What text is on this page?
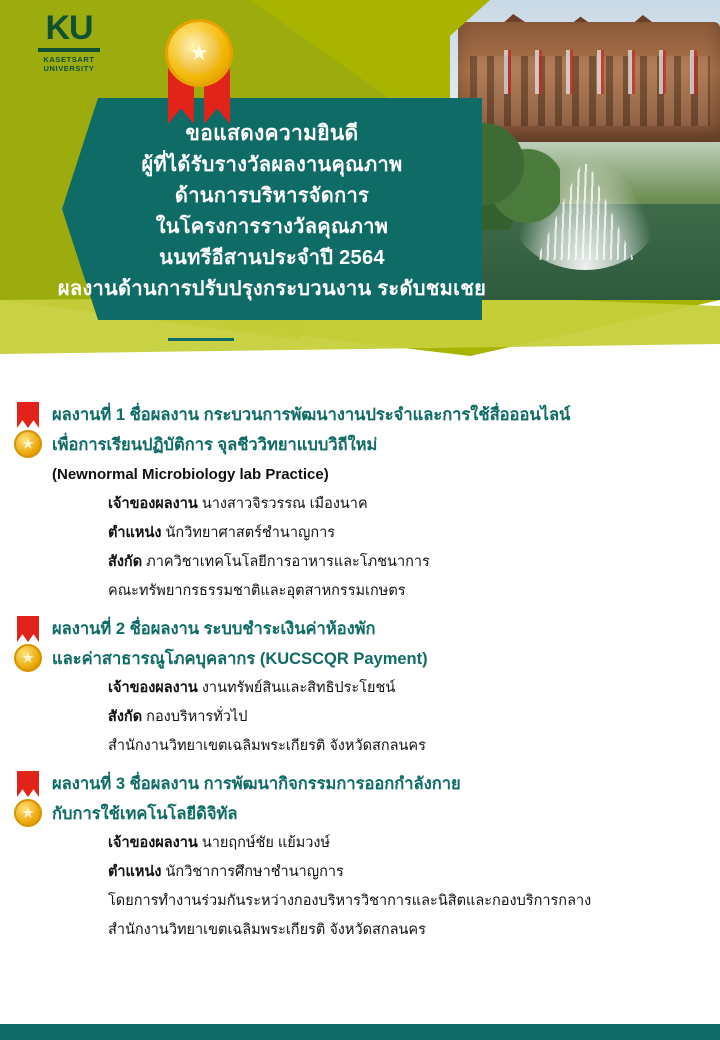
ขอแสดงความยินดี
ผู้ที่ได้รับรางวัลผลงานคุณภาพ
ด้านการบริหารจัดการ
ในโครงการรางวัลคุณภาพ
นนทรีอีสานประจำปี 2564
ผลงานด้านการปรับปรุงกระบวนงาน ระดับชมเชย
KU
KASETSART
UNIVERSITY
★
ผลงานที่ 1 ชื่อผลงาน กระบวนการพัฒนางานประจำและการใช้สื่อออนไลน์
★	เพื่อการเรียนปฏิบัติการ จุลชีววิทยาแบบวิถีใหม่
(Newnormal Microbiology lab Practice)
เจ้าของผลงาน นางสาวจิรวรรณ เมืองนาค
ตำแหน่ง นักวิทยาศาสตร์ชำนาญการ
สังกัด ภาควิชาเทคโนโลยีการอาหารและโภชนาการ
คณะทรัพยากรธรรมชาติและอุตสาหกรรมเกษตร
ผลงานที่ 2 ชื่อผลงาน ระบบชำระเงินค่าห้องพัก
★	และค่าสาธารณูโภคบุคลากร (KUCSCQR Payment)
เจ้าของผลงาน งานทรัพย์สินและสิทธิประโยชน์
สังกัด กองบริหารทั่วไป
สำนักงานวิทยาเขตเฉลิมพระเกียรติ จังหวัดสกลนคร
ผลงานที่ 3 ชื่อผลงาน การพัฒนากิจกรรมการออกกำลังกาย
★	กับการใช้เทคโนโลยีดิจิทัล
เจ้าของผลงาน นายฤกษ์ชัย แย้มวงษ์
ตำแหน่ง นักวิชาการศึกษาชำนาญการ
โดยการทำงานร่วมกันระหว่างกองบริหารวิชาการและนิสิตและกองบริการกลาง
สำนักงานวิทยาเขตเฉลิมพระเกียรติ จังหวัดสกลนคร
